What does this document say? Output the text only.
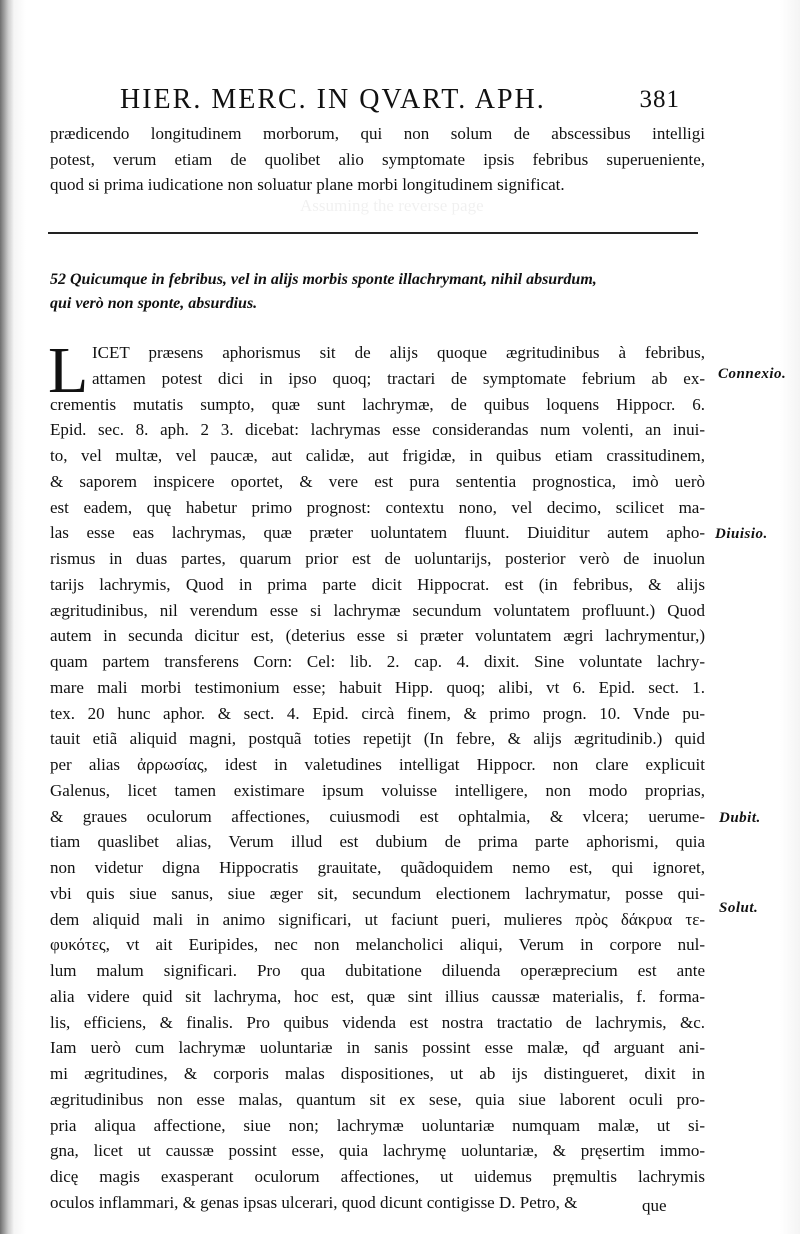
Assuming the reverse page
HIER. MERC. IN QVART. APH.	381
prædicendo longitudinem morborum, qui non solum de abscessibus intelligi
potest, verum etiam de quolibet alio symptomate ipsis febribus superueniente,
quod si prima iudicatione non soluatur plane morbi longitudinem significat.
52 Quicumque in febribus, vel in alijs morbis sponte illachrymant, nihil absurdum,
qui verò non sponte, absurdius.
L ICET præsens aphorismus sit de alijs quoque ægritudinibus à febribus,
attamen potest dici in ipso quoq; tractari de symptomate febrium ab ex-
crementis mutatis sumpto, quæ sunt lachrymæ, de quibus loquens Hippocr. 6.
Epid. sec. 8. aph. 2 3. dicebat: lachrymas esse considerandas num volenti, an inui-
to, vel multæ, vel paucæ, aut calidæ, aut frigidæ, in quibus etiam crassitudinem,
& saporem inspicere oportet, & vere est pura sententia prognostica, imò uerò
est eadem, quę habetur primo prognost: contextu nono, vel decimo, scilicet ma-
las esse eas lachrymas, quæ præter uoluntatem fluunt. Diuiditur autem apho-
rismus in duas partes, quarum prior est de uoluntarijs, posterior verò de inuolun
tarijs lachrymis, Quod in prima parte dicit Hippocrat. est (in febribus, & alijs
ægritudinibus, nil verendum esse si lachrymæ secundum voluntatem profluunt.) Quod
autem in secunda dicitur est, (deterius esse si præter voluntatem ægri lachrymentur,)
quam partem transferens Corn: Cel: lib. 2. cap. 4. dixit. Sine voluntate lachry-
mare mali morbi testimonium esse; habuit Hipp. quoq; alibi, vt 6. Epid. sect. 1.
tex. 20 hunc aphor. & sect. 4. Epid. circà finem, & primo progn. 10. Vnde pu-
tauit etiã aliquid magni, postquã toties repetijt (In febre, & alijs ægritudinib.) quid
per alias ἀρρωσίας, idest in valetudines intelligat Hippocr. non clare explicuit
Galenus, licet tamen existimare ipsum voluisse intelligere, non modo proprias,
& graues oculorum affectiones, cuiusmodi est ophtalmia, & vlcera; uerume-
tiam quaslibet alias, Verum illud est dubium de prima parte aphorismi, quia
non videtur digna Hippocratis grauitate, quãdoquidem nemo est, qui ignoret,
vbi quis siue sanus, siue æger sit, secundum electionem lachrymatur, posse qui-
dem aliquid mali in animo significari, ut faciunt pueri, mulieres πρὸς δάκρυα τε-
φυκότες, vt ait Euripides, nec non melancholici aliqui, Verum in corpore nul-
lum malum significari. Pro qua dubitatione diluenda operæprecium est ante
alia videre quid sit lachryma, hoc est, quæ sint illius caussæ materialis, f. forma-
lis, efficiens, & finalis. Pro quibus videnda est nostra tractatio de lachrymis, &c.
Iam uerò cum lachrymæ uoluntariæ in sanis possint esse malæ, qđ arguant ani-
mi ægritudines, & corporis malas dispositiones, ut ab ijs distingueret, dixit in
ægritudinibus non esse malas, quantum sit ex sese, quia siue laborent oculi pro-
pria aliqua affectione, siue non; lachrymæ uoluntariæ numquam malæ, ut si-
gna, licet ut caussæ possint esse, quia lachrymę uoluntariæ, & pręsertim immo-
dicę magis exasperant oculorum affectiones, ut uidemus pręmultis lachrymis
oculos inflammari, & genas ipsas ulcerari, quod dicunt contigisse D. Petro, &
Connexio.
Diuisio.
Dubit.
Solut.
que
